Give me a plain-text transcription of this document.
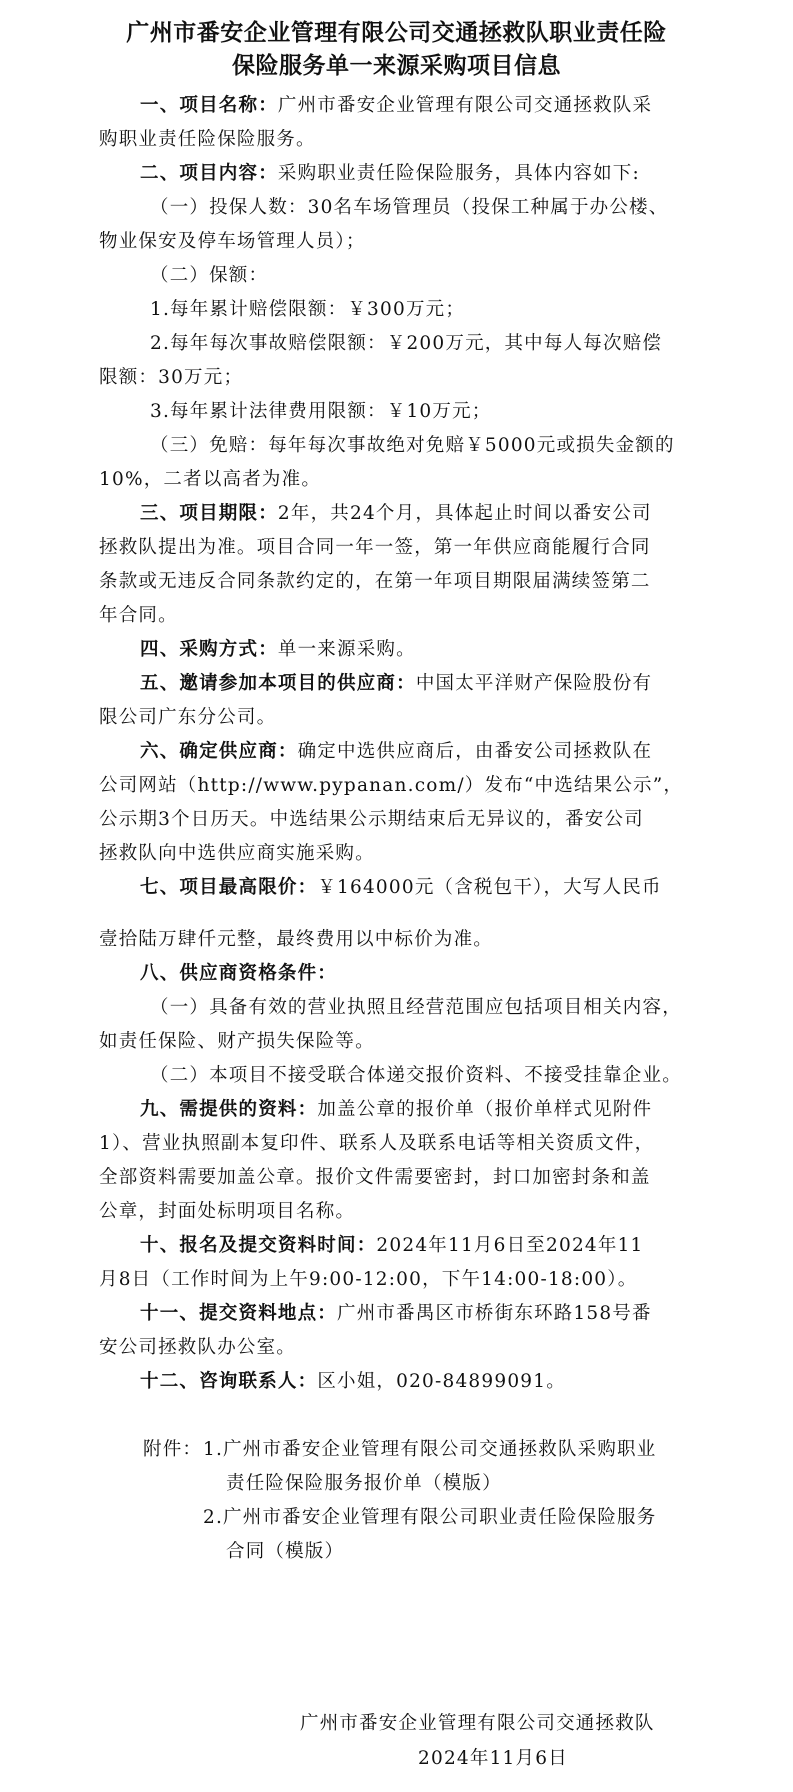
广州市番安企业管理有限公司交通拯救队职业责任险
保险服务单一来源采购项目信息
一、项目名称：广州市番安企业管理有限公司交通拯救队采
购职业责任险保险服务。
二、项目内容：采购职业责任险保险服务，具体内容如下:
（一）投保人数：30名车场管理员（投保工种属于办公楼、
物业保安及停车场管理人员）；
（二）保额：
1.每年累计赔偿限额：￥300万元；
2.每年每次事故赔偿限额：￥200万元，其中每人每次赔偿
限额：30万元；
3.每年累计法律费用限额：￥10万元；
（三）免赔：每年每次事故绝对免赔￥5000元或损失金额的
10%，二者以高者为准。
三、项目期限：2年，共24个月，具体起止时间以番安公司
拯救队提出为准。项目合同一年一签，第一年供应商能履行合同
条款或无违反合同条款约定的，在第一年项目期限届满续签第二
年合同。
四、采购方式：单一来源采购。
五、邀请参加本项目的供应商：中国太平洋财产保险股份有
限公司广东分公司。
六、确定供应商：确定中选供应商后，由番安公司拯救队在
公司网站（http://www.pypanan.com/）发布“中选结果公示”，
公示期3个日历天。中选结果公示期结束后无异议的，番安公司
拯救队向中选供应商实施采购。
七、项目最高限价：￥164000元（含税包干），大写人民币
壹拾陆万肆仟元整，最终费用以中标价为准。
八、供应商资格条件：
（一）具备有效的营业执照且经营范围应包括项目相关内容，
如责任保险、财产损失保险等。
（二）本项目不接受联合体递交报价资料、不接受挂靠企业。
九、需提供的资料：加盖公章的报价单（报价单样式见附件
1）、营业执照副本复印件、联系人及联系电话等相关资质文件，
全部资料需要加盖公章。报价文件需要密封，封口加密封条和盖
公章，封面处标明项目名称。
十、报名及提交资料时间：2024年11月6日至2024年11
月8日（工作时间为上午9:00-12:00，下午14:00-18:00）。
十一、提交资料地点：广州市番禺区市桥街东环路158号番
安公司拯救队办公室。
十二、咨询联系人：区小姐，020-84899091。
附件： 1.广州市番安企业管理有限公司交通拯救队采购职业
责任险保险服务报价单（模版）
2.广州市番安企业管理有限公司职业责任险保险服务
合同（模版）
广州市番安企业管理有限公司交通拯救队
2024年11月6日
